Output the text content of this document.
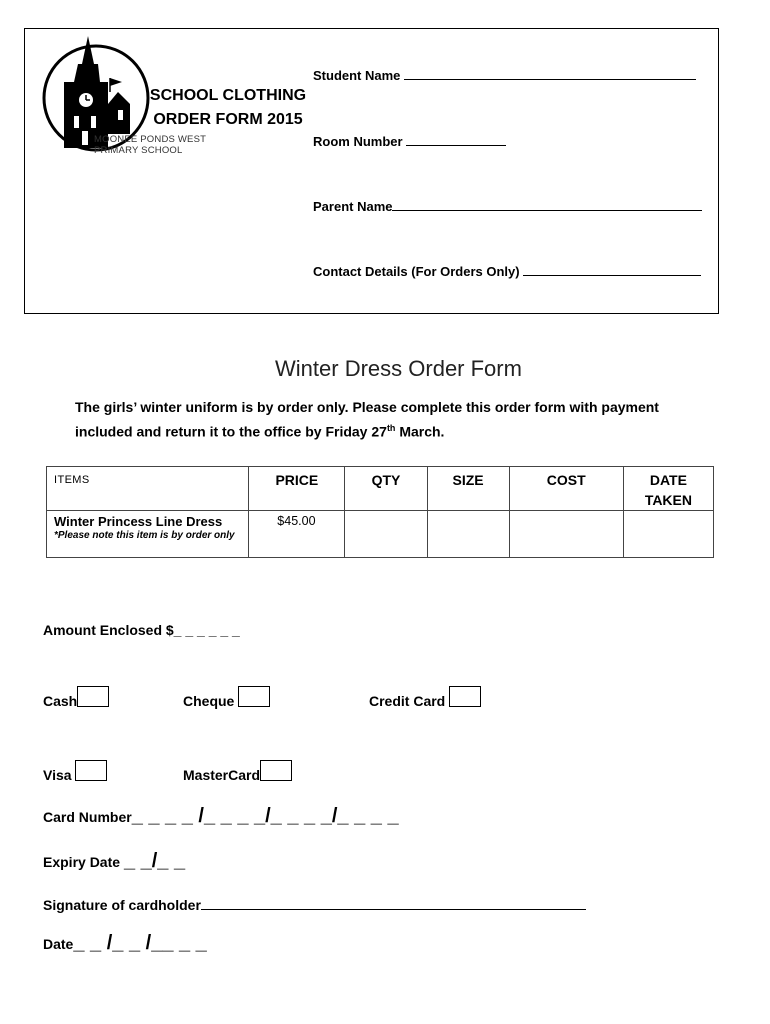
SCHOOL CLOTHING
ORDER FORM 2015
MOONEE PONDS WEST
PRIMARY SCHOOL
Student Name
Room Number
Parent Name
Contact Details (For Orders Only)
Winter Dress Order Form
The girls’ winter uniform is by order only. Please complete this order form with payment included and return it to the office by Friday 27th March.
ITEMS	PRICE	QTY	SIZE	COST	DATE
TAKEN

Winter Princess Line Dress
*Please note this item is by order only	$45.00				

Amount Enclosed $_ _ _ _ _ _
Cash	Cheque	Credit Card
Visa	MasterCard
Card Number_ _ _ _ /_ _ _ _/_ _ _ _/_ _ _ _
Expiry Date _ _/_ _
Signature of cardholder
Date_ _ /_ _ /__ _ _
